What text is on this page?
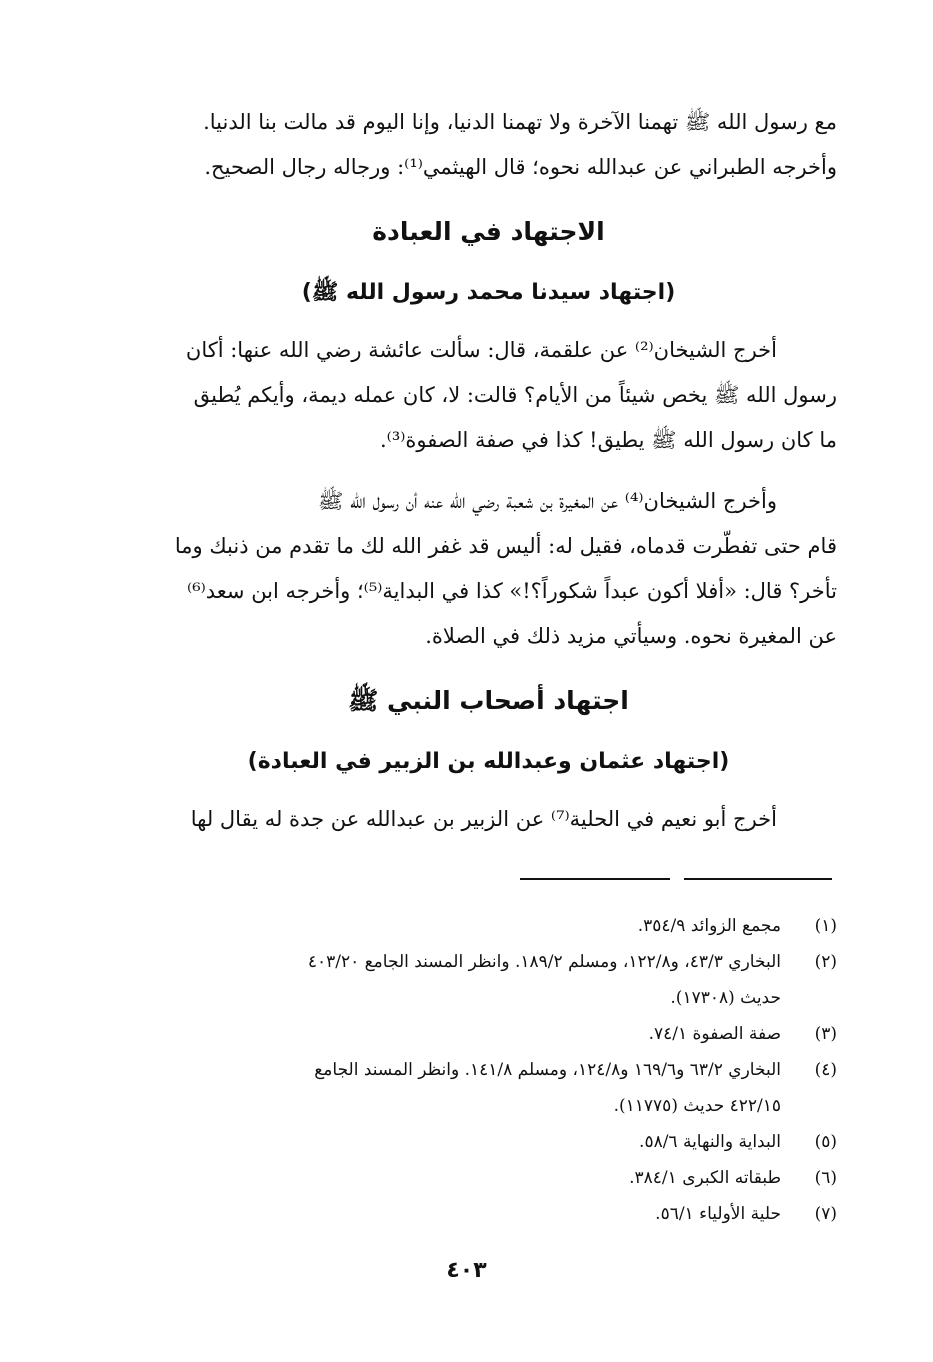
مع رسول الله ﷺ تهمنا الآخرة ولا تهمنا الدنيا، وإنا اليوم قد مالت بنا الدنيا.
وأخرجه الطبراني عن عبدالله نحوه؛ قال الهيثمي⁽¹⁾: ورجاله رجال الصحيح.

الاجتهاد في العبادة
(اجتهاد سيدنا محمد رسول الله ﷺ)

أخرج الشيخان⁽²⁾ عن علقمة، قال: سألت عائشة رضي الله عنها: أكان
رسول الله ﷺ يخص شيئاً من الأيام؟ قالت: لا، كان عمله ديمة، وأيكم يُطيق
ما كان رسول الله ﷺ يطيق! كذا في صفة الصفوة⁽³⁾.

وأخرج الشيخان⁽⁴⁾ عن المغيرة بن شعبة رضي الله عنه أن رسول الله ﷺ
قام حتى تفطّرت قدماه، فقيل له: أليس قد غفر الله لك ما تقدم من ذنبك وما
تأخر؟ قال: «أفلا أكون عبداً شكوراً؟!» كذا في البداية⁽⁵⁾؛ وأخرجه ابن سعد⁽⁶⁾
عن المغيرة نحوه. وسيأتي مزيد ذلك في الصلاة.

اجتهاد أصحاب النبي ﷺ
(اجتهاد عثمان وعبدالله بن الزبير في العبادة)

أخرج أبو نعيم في الحلية⁽⁷⁾ عن الزبير بن عبدالله عن جدة له يقال لها

(١)
مجمع الزوائد ٣٥٤/٩.
(٢)
البخاري ٤٣/٣، و١٢٢/٨، ومسلم ١٨٩/٢. وانظر المسند الجامع ٤٠٣/٢٠
حديث (١٧٣٠٨).
(٣)
صفة الصفوة ٧٤/١.
(٤)
البخاري ٦٣/٢ و١٦٩/٦ و١٢٤/٨، ومسلم ١٤١/٨. وانظر المسند الجامع
٤٢٢/١٥ حديث (١١٧٧٥).
(٥)
البداية والنهاية ٥٨/٦.
(٦)
طبقاته الكبرى ٣٨٤/١.
(٧)
حلية الأولياء ٥٦/١.
٤٠٣
